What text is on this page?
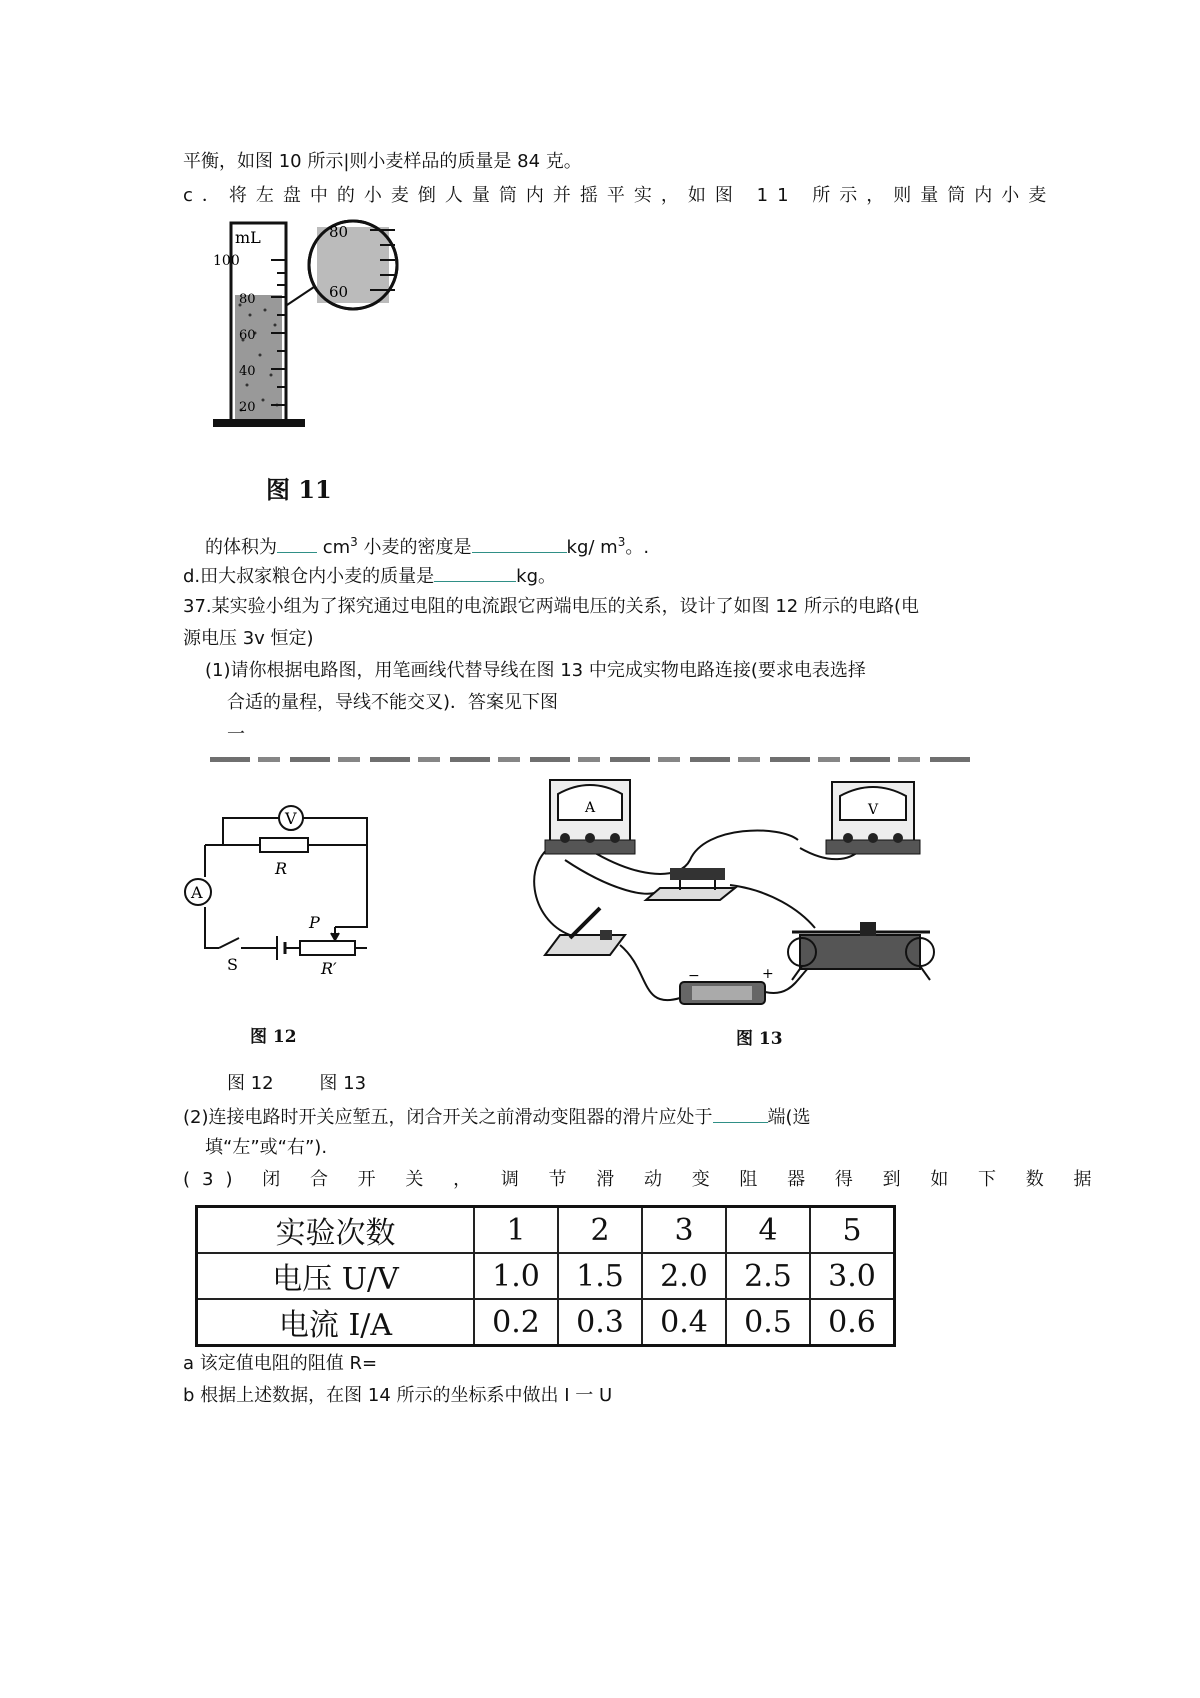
平衡，如图 10 所示|则小麦样品的质量是 84 克。
c．将左盘中的小麦倒人量筒内并摇平实，如图 11 所示，则量筒内小麦
mL
100
80
60
40
20
80
60
图 11
的体积为	$cm^3$ 小麦的密度是	kg/ $m^3$。.
d.田大叔家粮仓内小麦的质量是	kg。
37.某实验小组为了探究通过电阻的电流跟它两端电压的关系，设计了如图 12 所示的电路(电
源电压 3v 恒定)
(1)请你根据电路图，用笔画线代替导线在图 13 中完成实物电路连接(要求电表选择
合适的量程，导线不能交叉)．答案见下图
一
V
A
R
P
R′
S
图 12
A	V
−	+
图 13
图 12        图 13
(2)连接电路时开关应堑五，闭合开关之前滑动变阻器的滑片应处于	端(选
填“左”或“右”).
(3) 闭 合 开 关 ， 调 节 滑 动 变 阻 器 得 到 如 下 数 据
实验次数	1	2	3	4	5
电压 U/V	1.0	1.5	2.0	2.5	3.0
电流 I/A	0.2	0.3	0.4	0.5	0.6
a 该定值电阻的阻值 R=
b 根据上述数据，在图 14 所示的坐标系中做出 I 一 U
